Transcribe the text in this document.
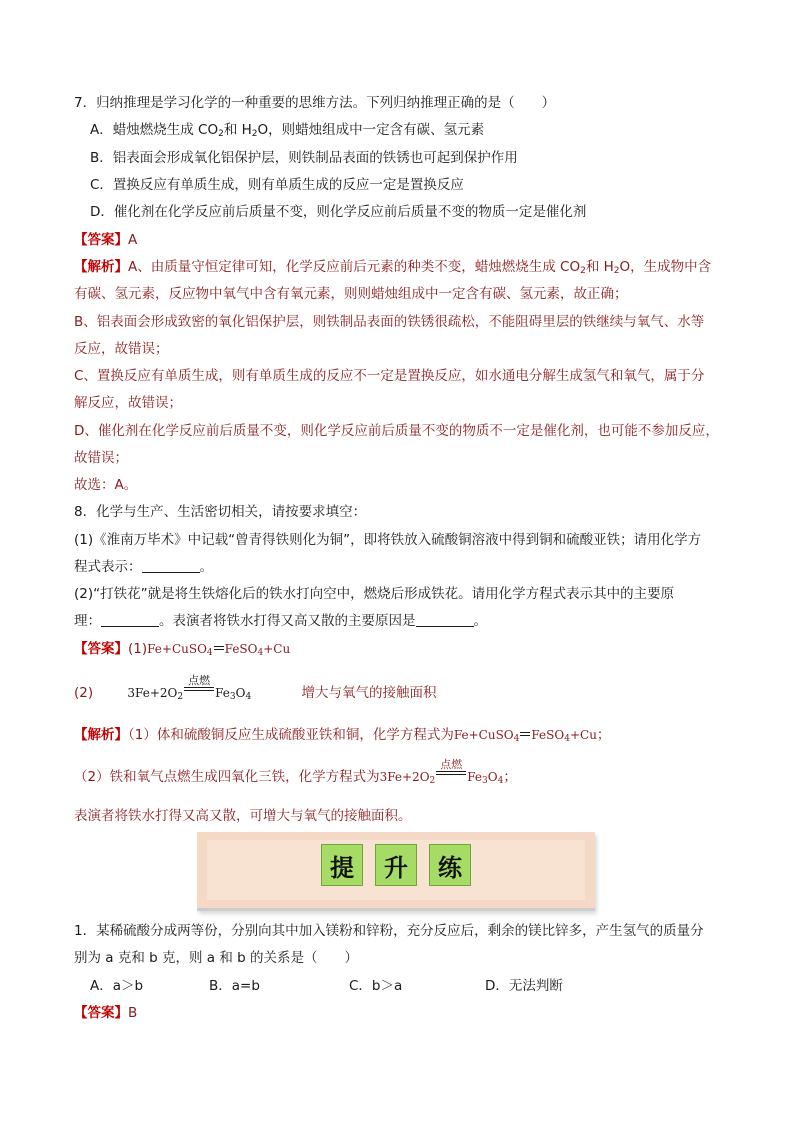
7．归纳推理是学习化学的一种重要的思维方法。下列归纳推理正确的是（　　）
A．蜡烛燃烧生成 $CO_2$和 $H_2O$，则蜡烛组成中一定含有碳、氢元素
B．铝表面会形成氧化铝保护层，则铁制品表面的铁锈也可起到保护作用
C．置换反应有单质生成，则有单质生成的反应一定是置换反应
D．催化剂在化学反应前后质量不变，则化学反应前后质量不变的物质一定是催化剂
【答案】A
【解析】A、由质量守恒定律可知，化学反应前后元素的种类不变，蜡烛燃烧生成 $CO_2$和 $H_2O$，生成物中含
有碳、氢元素，反应物中氧气中含有氧元素，则则蜡烛组成中一定含有碳、氢元素，故正确；
B、铝表面会形成致密的氧化铝保护层，则铁制品表面的铁锈很疏松，不能阻碍里层的铁继续与氧气、水等
反应，故错误；
C、置换反应有单质生成，则有单质生成的反应不一定是置换反应，如水通电分解生成氢气和氧气，属于分
解反应，故错误；
D、催化剂在化学反应前后质量不变，则化学反应前后质量不变的物质不一定是催化剂，也可能不参加反应，
故错误；
故选：A。
8．化学与生产、生活密切相关，请按要求填空：
(1)《淮南万毕术》中记载“曾青得铁则化为铜”，即将铁放入硫酸铜溶液中得到铜和硫酸亚铁；请用化学方
程式表示：	。
(2)“打铁花”就是将生铁熔化后的铁水打向空中，燃烧后形成铁花。请用化学方程式表示其中的主要原
理：	。表演者将铁水打得又高又散的主要原因是	。
【答案】(1)Fe+CuSO$_4$ FeSO$_4$+Cu
(2)	$3Fe+2O_2$
点燃
$Fe_3O_4$	增大与氧气的接触面积
【解析】（1）体和硫酸铜反应生成硫酸亚铁和铜，化学方程式为Fe+CuSO$_4$ FeSO$_4$+Cu；
（2）铁和氧气点燃生成四氧化三铁，化学方程式为$3Fe+2O_2$
点燃
$Fe_3O_4$；
表演者将铁水打得又高又散，可增大与氧气的接触面积。
提	升	练
1．某稀硫酸分成两等份，分别向其中加入镁粉和锌粉，充分反应后，剩余的镁比锌多，产生氢气的质量分
别为 a 克和 b 克，则 a 和 b 的关系是（　　）
A．a＞b	B．a=b	C．b＞a	D．无法判断
【答案】B
